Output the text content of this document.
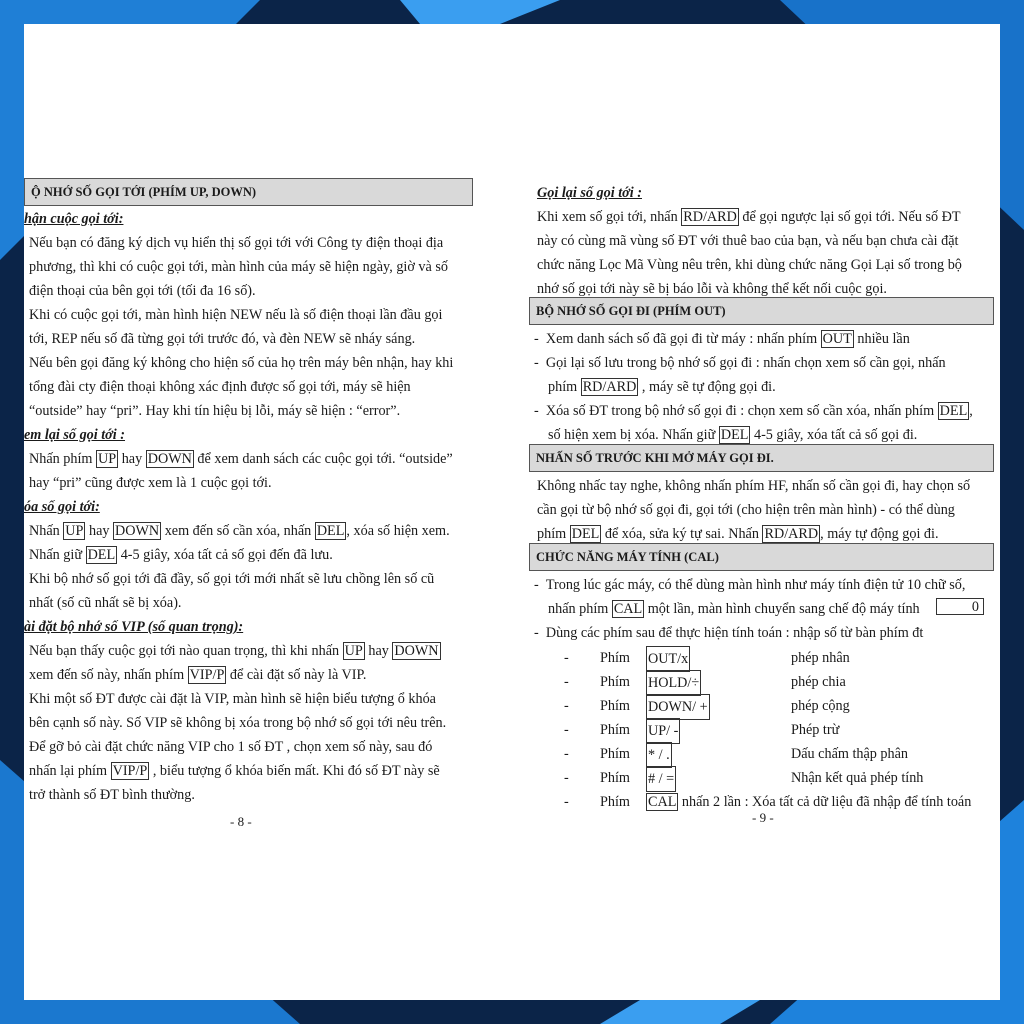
Ộ NHỚ SỐ GỌI TỚI (PHÍM UP, DOWN)
hận cuộc gọi tới:
Nếu bạn có đăng ký dịch vụ hiển thị số gọi tới với Công ty điện thoại địa
phương, thì khi có cuộc gọi tới, màn hình của máy sẽ hiện ngày, giờ và số
điện thoại của bên gọi tới (tối đa 16 số).
Khi có cuộc gọi tới, màn hình hiện NEW nếu là số điện thoại lần đầu gọi
tới, REP nếu số đã từng gọi tới trước đó, và đèn NEW sẽ nháy sáng.
Nếu bên gọi đăng ký không cho hiện số của họ trên máy bên nhận, hay khi
tổng đài cty điện thoại không xác định được số gọi tới, máy sẽ hiện
“outside” hay “pri”. Hay khi tín hiệu bị lỗi, máy sẽ hiện : “error”.
em lại số gọi tới :
Nhấn phím UP hay DOWN để xem danh sách các cuộc gọi tới. “outside”
hay “pri” cũng được xem là 1 cuộc gọi tới.
óa số gọi tới:
Nhấn UP hay DOWN xem đến số cần xóa, nhấn DEL , xóa số hiện xem.
Nhấn giữ DEL 4-5 giây, xóa tất cả số gọi đến đã lưu.
Khi bộ nhớ số gọi tới đã đầy, số gọi tới mới nhất sẽ lưu chồng lên số cũ
nhất (số cũ nhất sẽ bị xóa).
ài đặt bộ nhớ số VIP (số quan trọng):
Nếu bạn thấy cuộc gọi tới nào quan trọng, thì khi nhấn UP hay DOWN
xem đến số này, nhấn phím VIP/P để cài đặt số này là VIP.
Khi một số ĐT được cài đặt là VIP, màn hình sẽ hiện biểu tượng ổ khóa
bên cạnh số này. Số VIP sẽ không bị xóa trong bộ nhớ số gọi tới nêu trên.
Để gỡ bỏ cài đặt chức năng VIP cho 1 số ĐT , chọn xem số này, sau đó
nhấn lại phím VIP/P , biểu tượng ổ khóa biến mất. Khi đó số ĐT này sẽ
trở thành số ĐT bình thường.
- 8 -
Gọi lại số gọi tới :
Khi xem số gọi tới, nhấn RD/ARD để gọi ngược lại số gọi tới. Nếu số ĐT
này có cùng mã vùng số ĐT với thuê bao của bạn, và nếu bạn chưa cài đặt
chức năng Lọc Mã Vùng nêu trên, khi dùng chức năng Gọi Lại số trong bộ
nhớ số gọi tới này sẽ bị báo lỗi và không thể kết nối cuộc gọi.
BỘ NHỚ SỐ GỌI ĐI (PHÍM OUT)
-  Xem danh sách số đã gọi đi từ máy : nhấn phím OUT nhiều lần
-  Gọi lại số lưu trong bộ nhớ số gọi đi : nhấn chọn xem số cần gọi, nhấn
phím RD/ARD , máy sẽ tự động gọi đi.
-  Xóa số ĐT trong bộ nhớ số gọi đi : chọn xem số cần xóa, nhấn phím DEL ,
số hiện xem bị xóa. Nhấn giữ DEL 4-5 giây, xóa tất cả số gọi đi.
NHẤN SỐ TRƯỚC KHI MỞ MÁY GỌI ĐI.
Không nhấc tay nghe, không nhấn phím HF, nhấn số cần gọi đi, hay chọn số
cần gọi từ bộ nhớ số gọi đi, gọi tới (cho hiện trên màn hình) - có thể dùng
phím DEL để xóa, sửa ký tự sai. Nhấn RD/ARD , máy tự động gọi đi.
CHỨC NĂNG MÁY TÍNH (CAL)
-  Trong lúc gác máy, có thể dùng màn hình như máy tính điện tử 10 chữ số,
nhấn phím CAL một lần, màn hình chuyển sang chế độ máy tính	0
-  Dùng các phím sau để thực hiện tính toán : nhập số từ bàn phím đt
- Phím OUT/x	phép nhân
- Phím HOLD/÷	phép chia
- Phím DOWN/ +	phép cộng
- Phím UP/ -	Phép trừ
- Phím * / .	Dấu chấm thập phân
- Phím # / =	Nhận kết quả phép tính
- Phím CAL nhấn 2 lần : Xóa tất cả dữ liệu đã nhập để tính toán
- 9 -
